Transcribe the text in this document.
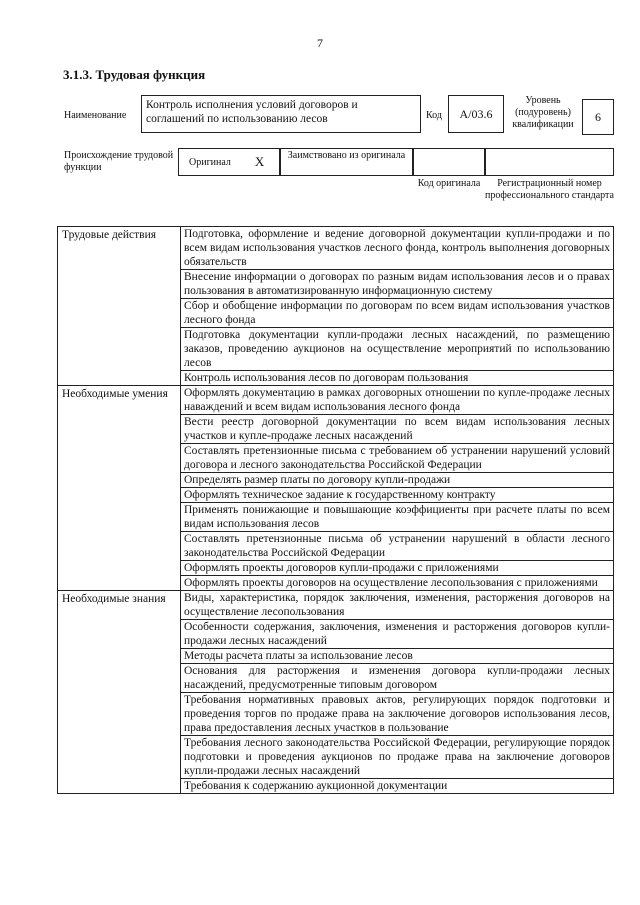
7
3.1.3. Трудовая функция
Наименование
Контроль исполнения условий договоров и соглашений по использованию лесов	Код	А/03.6
Уровень (подуровень) квалификации
6
Происхождение трудовой функции	Оригинал X	Заимствовано из оригинала
Код оригинала	Регистрационный номер профессионального стандарта
Трудовые действия	Подготовка, оформление и ведение договорной документации купли-продажи и по всем видам использования участков лесного фонда, контроль выполнения договорных обязательств
	Внесение информации о договорах по разным видам использования лесов и о правах пользования в автоматизированную информационную систему
	Сбор и обобщение информации по договорам по всем видам использования участков лесного фонда
	Подготовка документации купли-продажи лесных насаждений, по размещению заказов, проведению аукционов на осуществление мероприятий по использованию лесов
	Контроль использования лесов по договорам пользования
Необходимые умения	Оформлять документацию в рамках договорных отношении по купле-продаже лесных наваждений и всем видам использования лесного фонда
	Вести реестр договорной документации по всем видам использования лесных участков и купле-продаже лесных насаждений
	Составлять претензионные письма с требованием об устранении нарушений условий договора и лесного законодательства Российской Федерации
	Определять размер платы по договору купли-продажи
	Оформлять техническое задание к государственному контракту
	Применять понижающие и повышающие коэффициенты при расчете платы по всем видам использования лесов
	Составлять претензионные письма об устранении нарушений в области лесного законодательства Российской Федерации
	Оформлять проекты договоров купли-продажи с приложениями
	Оформлять проекты договоров на осуществление лесопользования с приложениями
Необходимые знания	Виды, характеристика, порядок заключения, изменения, расторжения договоров на осуществление лесопользования
	Особенности содержания, заключения, изменения и расторжения договоров купли-продажи лесных насаждений
	Методы расчета платы за использование лесов
	Основания для расторжения и изменения договора купли-продажи лесных насаждений, предусмотренные типовым договором
	Требования нормативных правовых актов, регулирующих порядок подготовки и проведения торгов по продаже права на заключение договоров использования лесов, права предоставления лесных участков в пользование
	Требования лесного законодательства Российской Федерации, регулирующие порядок подготовки и проведения аукционов по продаже права на заключение договоров купли-продажи лесных насаждений
	Требования к содержанию аукционной документации
